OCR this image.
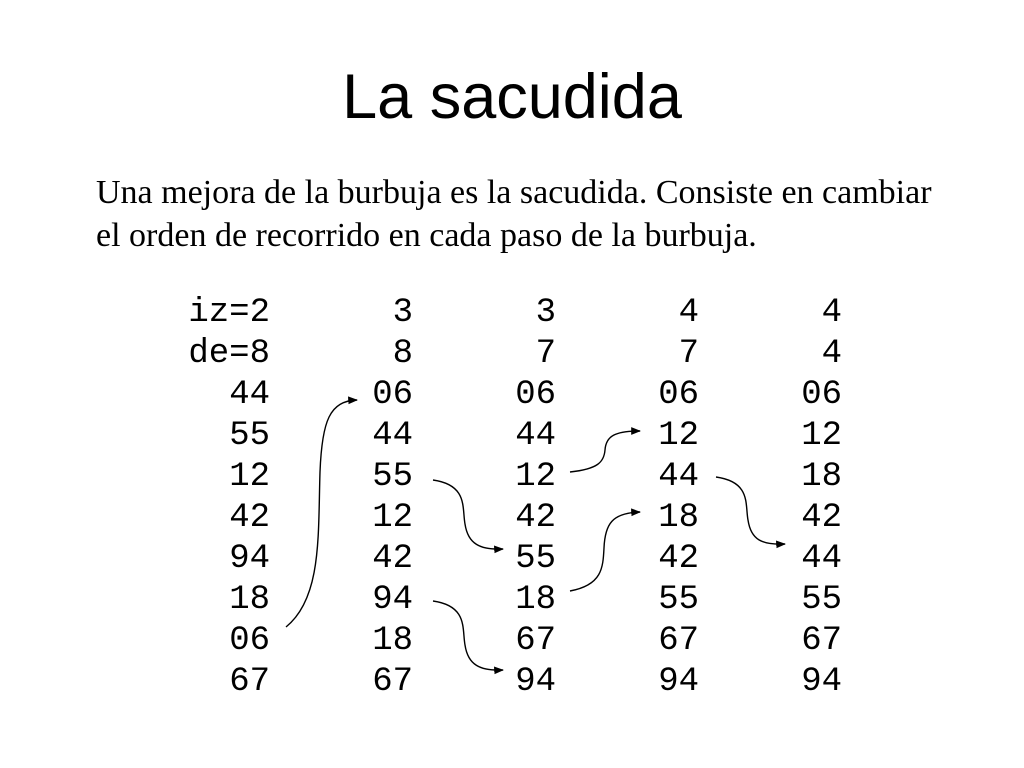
La sacudida
Una mejora de la burbuja es la sacudida. Consiste en cambiar
el orden de recorrido en cada paso de la burbuja.
iz=2
de=8
44
55
12
42
94
18
06
67
3
8
06
44
55
12
42
94
18
67
3
7
06
44
12
42
55
18
67
94
4
7
06
12
44
18
42
55
67
94
4
4
06
12
18
42
44
55
67
94
